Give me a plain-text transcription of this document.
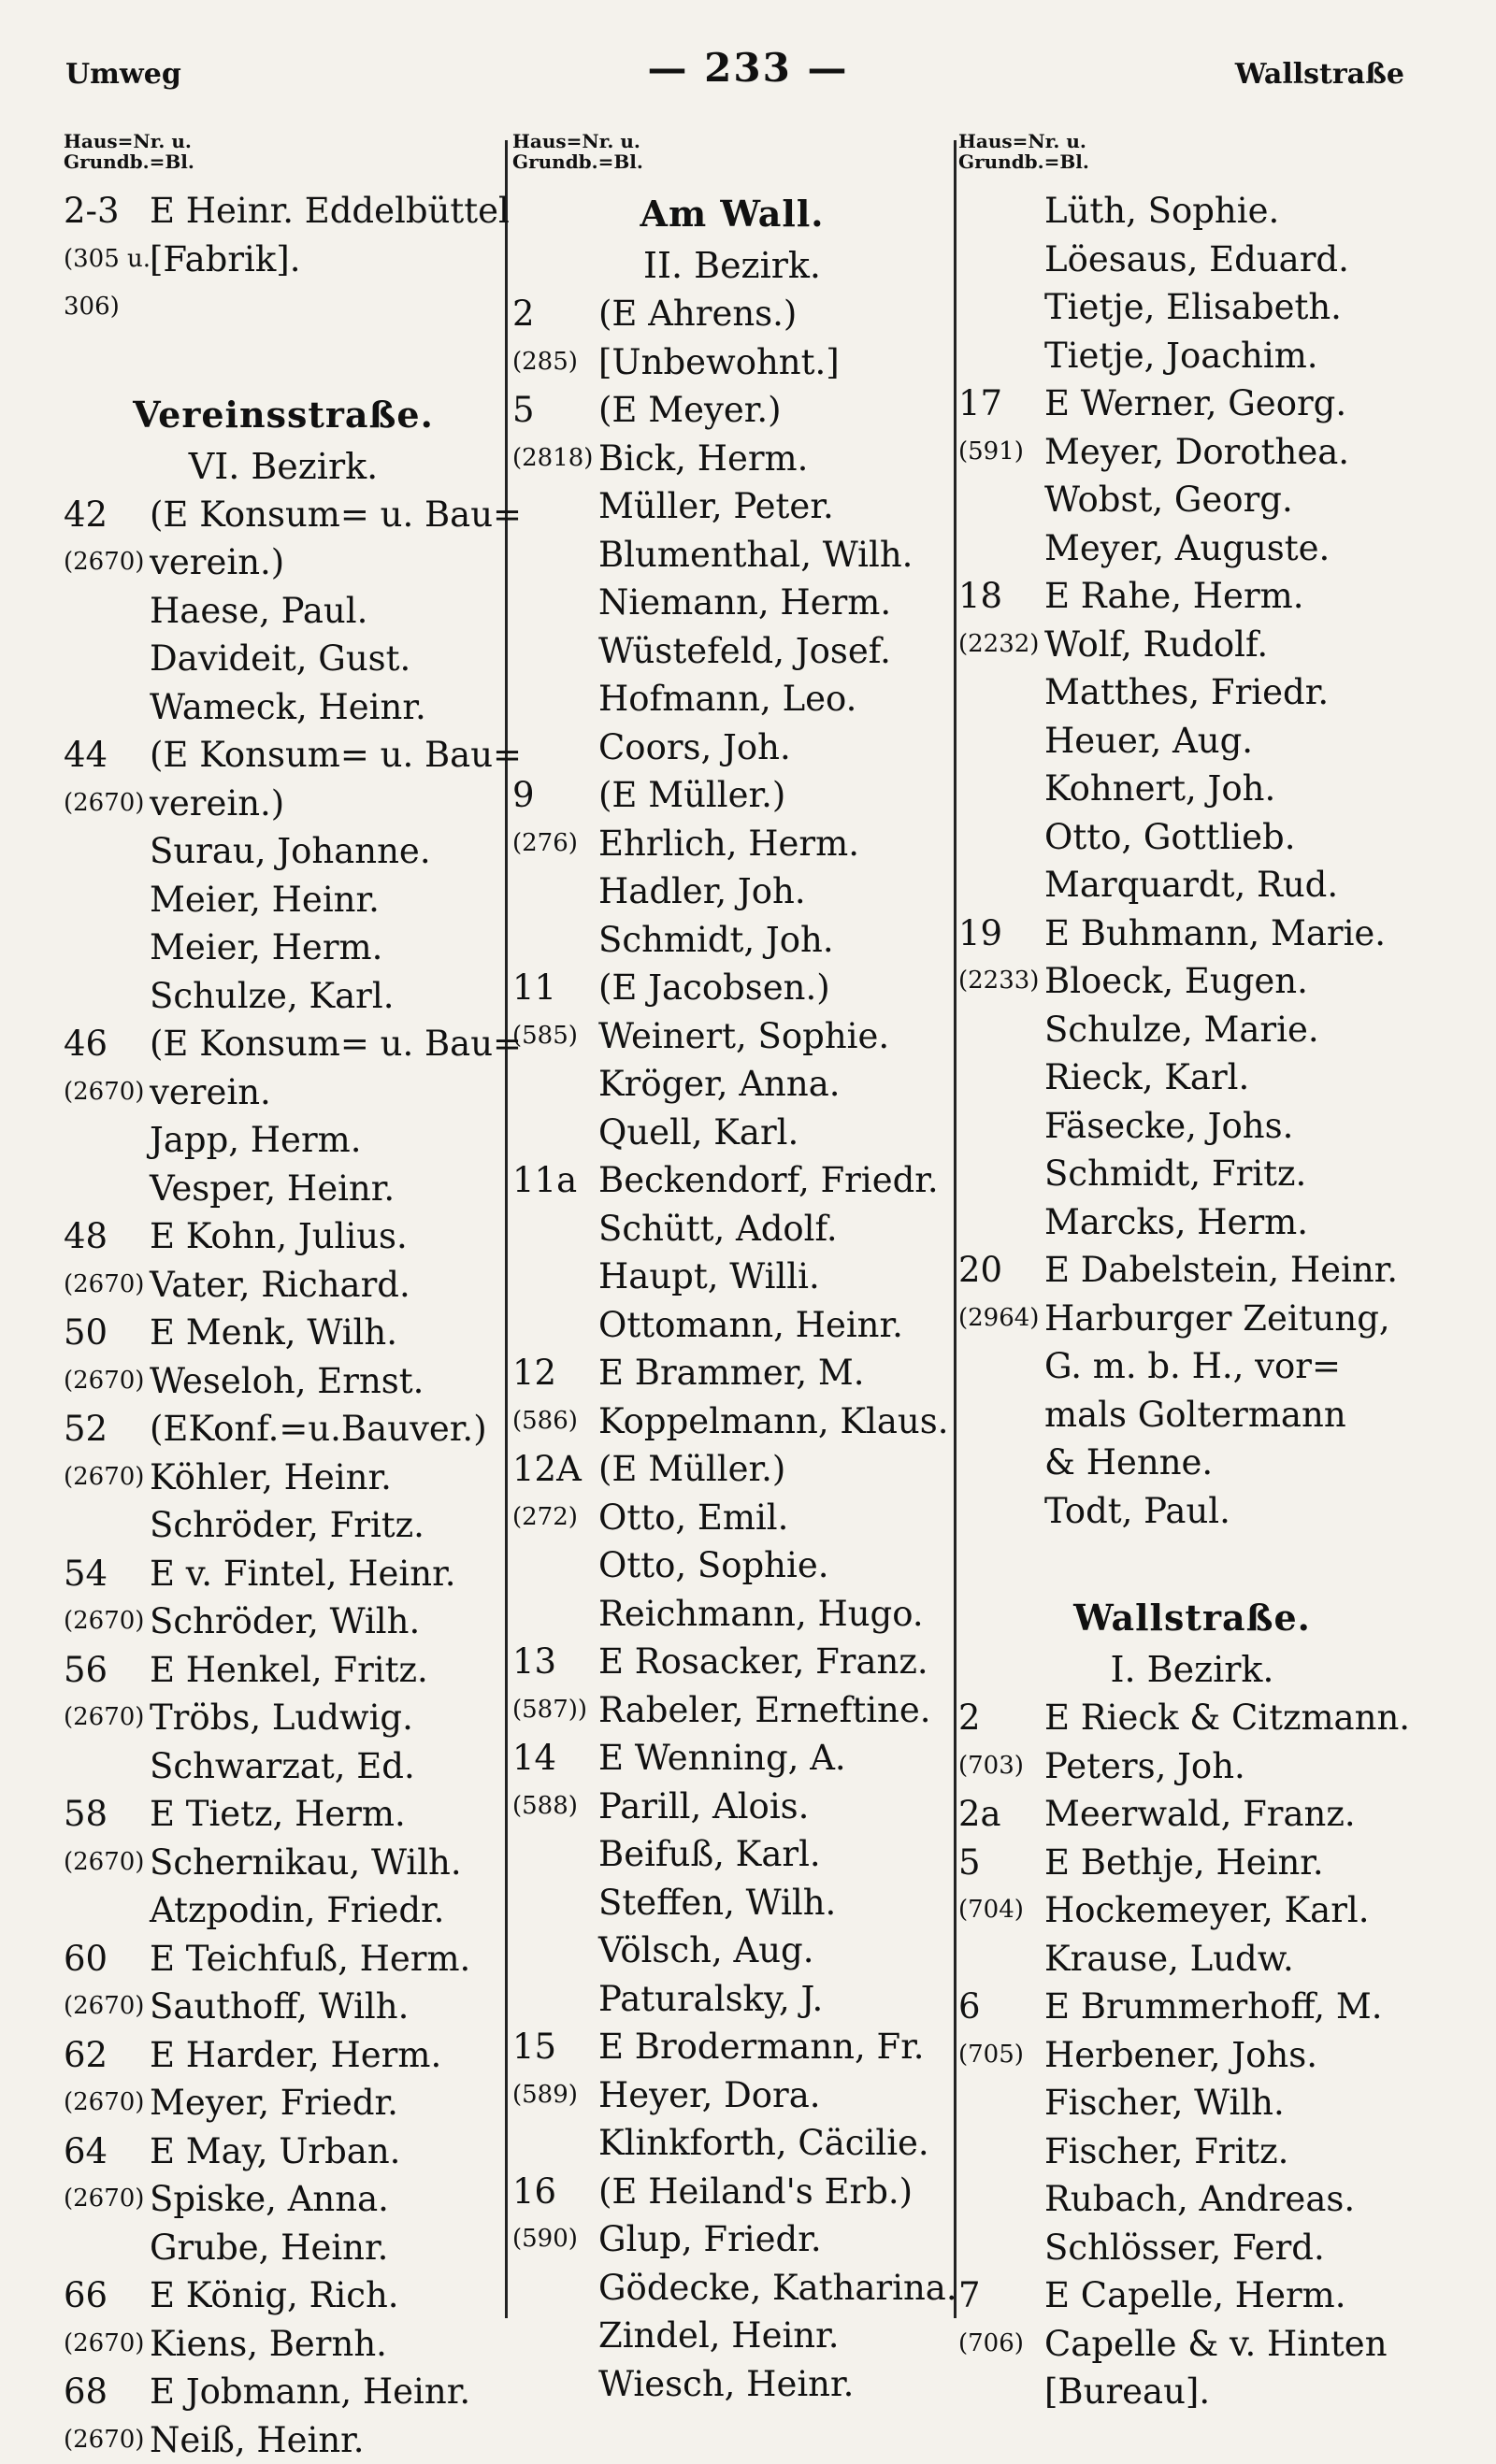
Umweg	— 233 —	Wallstraße
Haus=Nr. u.
Grundb.=Bl.
2-3 E Heinr. Eddelbüttel
(305 u.
[Fabrik].
306)
Vereinsstraße.
VI. Bezirk.
42 (E Konsum= u. Bau=
(2670) verein.)
Haese, Paul.
Davideit, Gust.
Wameck, Heinr.
44 (E Konsum= u. Bau=
(2670) verein.)
Surau, Johanne.
Meier, Heinr.
Meier, Herm.
Schulze, Karl.
46 (E Konsum= u. Bau=
(2670) verein.
Japp, Herm.
Vesper, Heinr.
48 E Kohn, Julius.
(2670) Vater, Richard.
50 E Menk, Wilh.
(2670) Weseloh, Ernst.
52 (EKonf.=u.Bauver.)
(2670) Köhler, Heinr.
Schröder, Fritz.
54 E v. Fintel, Heinr.
(2670) Schröder, Wilh.
56 E Henkel, Fritz.
(2670) Tröbs, Ludwig.
Schwarzat, Ed.
58 E Tietz, Herm.
(2670) Schernikau, Wilh.
Atzpodin, Friedr.
60 E Teichfuß, Herm.
(2670) Sauthoff, Wilh.
62 E Harder, Herm.
(2670) Meyer, Friedr.
64 E May, Urban.
(2670) Spiske, Anna.
Grube, Heinr.
66 E König, Rich.
(2670) Kiens, Bernh.
68 E Jobmann, Heinr.
(2670) Neiß, Heinr.
Haus=Nr. u.
Grundb.=Bl.
Am Wall.
II. Bezirk.
2 (E Ahrens.)
(285) [Unbewohnt.]
5 (E Meyer.)
(2818) Bick, Herm.
Müller, Peter.
Blumenthal, Wilh.
Niemann, Herm.
Wüstefeld, Josef.
Hofmann, Leo.
Coors, Joh.
9 (E Müller.)
(276) Ehrlich, Herm.
Hadler, Joh.
Schmidt, Joh.
11 (E Jacobsen.)
(585) Weinert, Sophie.
Kröger, Anna.
Quell, Karl.
11a Beckendorf, Friedr.
Schütt, Adolf.
Haupt, Willi.
Ottomann, Heinr.
12 E Brammer, M.
(586) Koppelmann, Klaus.
12A (E Müller.)
(272) Otto, Emil.
Otto, Sophie.
Reichmann, Hugo.
13 E Rosacker, Franz.
(587)) Rabeler, Erneftine.
14 E Wenning, A.
(588) Parill, Alois.
Beifuß, Karl.
Steffen, Wilh.
Völsch, Aug.
Paturalsky, J.
15 E Brodermann, Fr.
(589) Heyer, Dora.
Klinkforth, Cäcilie.
16 (E Heiland's Erb.)
(590) Glup, Friedr.
Gödecke, Katharina.
Zindel, Heinr.
Wiesch, Heinr.
Haus=Nr. u.
Grundb.=Bl.
Lüth, Sophie.
Löesaus, Eduard.
Tietje, Elisabeth.
Tietje, Joachim.
17 E Werner, Georg.
(591) Meyer, Dorothea.
Wobst, Georg.
Meyer, Auguste.
18 E Rahe, Herm.
(2232) Wolf, Rudolf.
Matthes, Friedr.
Heuer, Aug.
Kohnert, Joh.
Otto, Gottlieb.
Marquardt, Rud.
19 E Buhmann, Marie.
(2233) Bloeck, Eugen.
Schulze, Marie.
Rieck, Karl.
Fäsecke, Johs.
Schmidt, Fritz.
Marcks, Herm.
20 E Dabelstein, Heinr.
(2964) Harburger Zeitung,
G. m. b. H., vor=
mals Goltermann
& Henne.
Todt, Paul.
Wallstraße.
I. Bezirk.
2 E Rieck & Citzmann.
(703) Peters, Joh.
2a Meerwald, Franz.
5 E Bethje, Heinr.
(704) Hockemeyer, Karl.
Krause, Ludw.
6 E Brummerhoff, M.
(705) Herbener, Johs.
Fischer, Wilh.
Fischer, Fritz.
Rubach, Andreas.
Schlösser, Ferd.
7 E Capelle, Herm.
(706) Capelle & v. Hinten
[Bureau].
